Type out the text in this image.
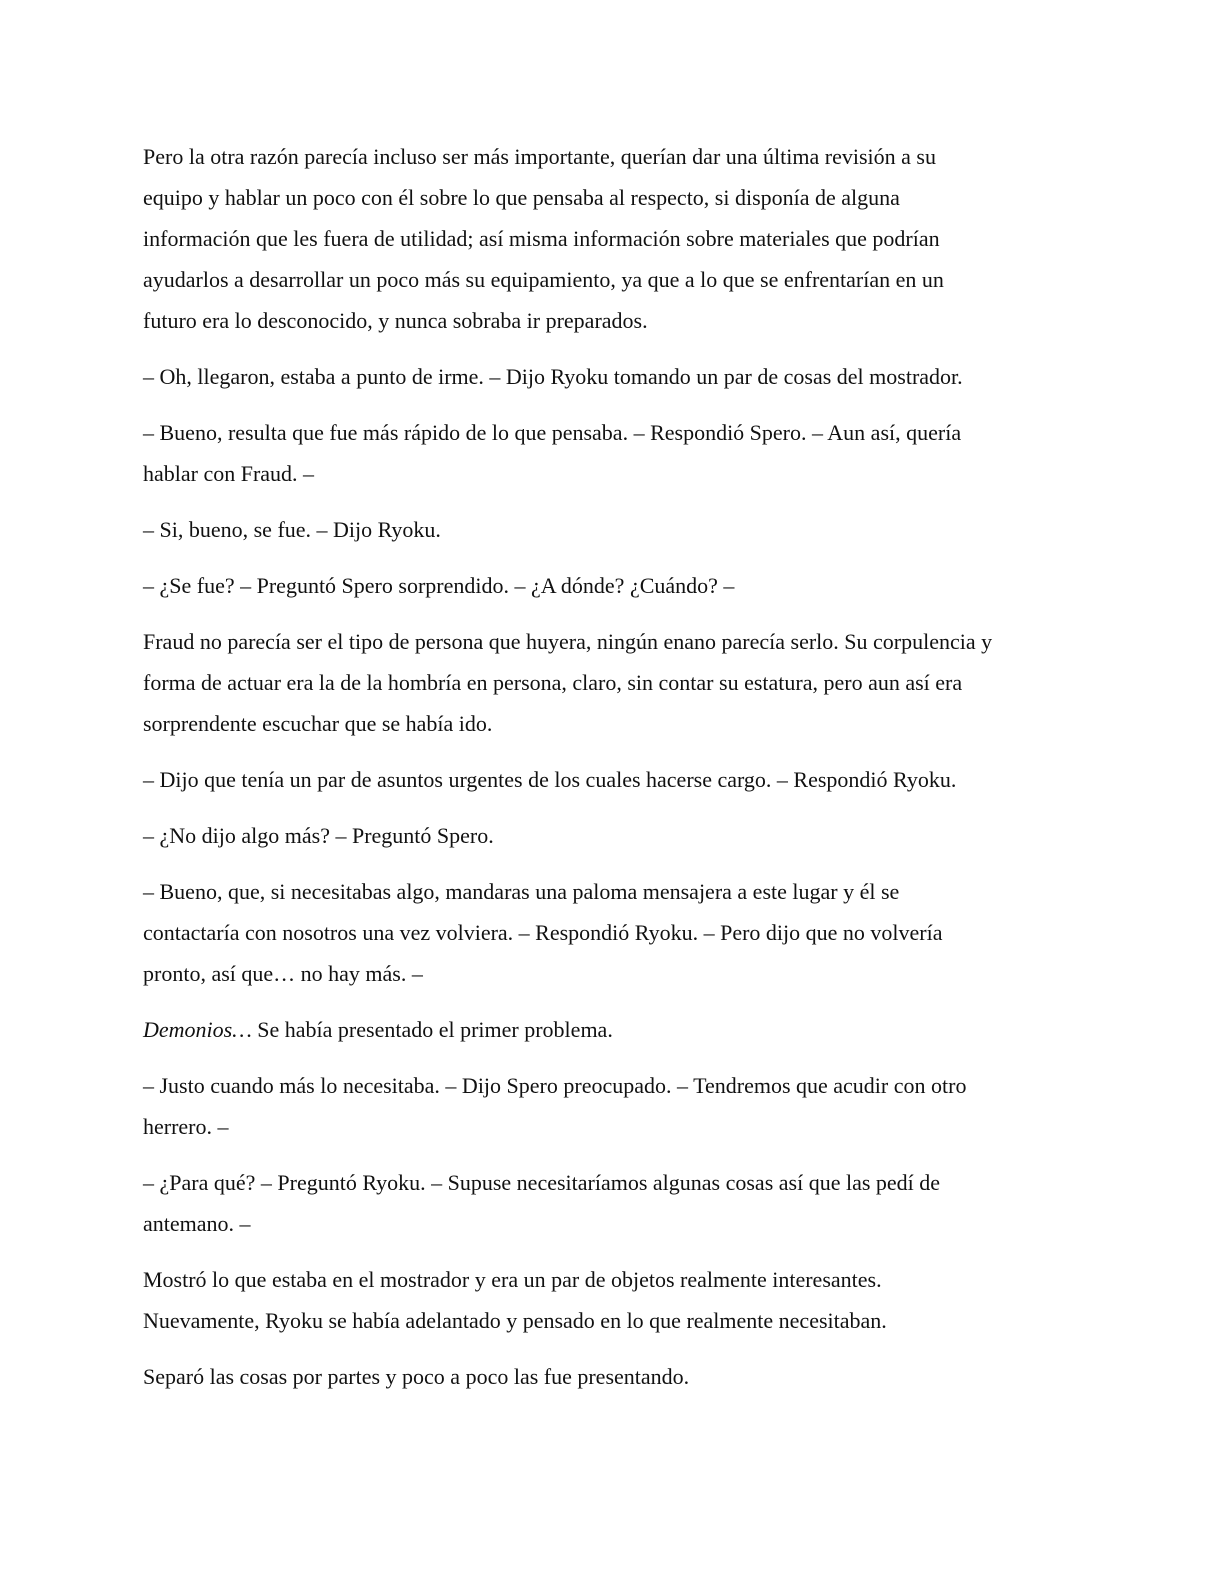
Pero la otra razón parecía incluso ser más importante, querían dar una última revisión a su
equipo y hablar un poco con él sobre lo que pensaba al respecto, si disponía de alguna
información que les fuera de utilidad; así misma información sobre materiales que podrían
ayudarlos a desarrollar un poco más su equipamiento, ya que a lo que se enfrentarían en un
futuro era lo desconocido, y nunca sobraba ir preparados.

– Oh, llegaron, estaba a punto de irme. – Dijo Ryoku tomando un par de cosas del mostrador.

– Bueno, resulta que fue más rápido de lo que pensaba. – Respondió Spero. – Aun así, quería
hablar con Fraud. –

– Si, bueno, se fue. – Dijo Ryoku.

– ¿Se fue? – Preguntó Spero sorprendido. – ¿A dónde? ¿Cuándo? –

Fraud no parecía ser el tipo de persona que huyera, ningún enano parecía serlo. Su corpulencia y
forma de actuar era la de la hombría en persona, claro, sin contar su estatura, pero aun así era
sorprendente escuchar que se había ido.

– Dijo que tenía un par de asuntos urgentes de los cuales hacerse cargo. – Respondió Ryoku.

– ¿No dijo algo más? – Preguntó Spero.

– Bueno, que, si necesitabas algo, mandaras una paloma mensajera a este lugar y él se
contactaría con nosotros una vez volviera. – Respondió Ryoku. – Pero dijo que no volvería
pronto, así que… no hay más. –

Demonios… Se había presentado el primer problema.

– Justo cuando más lo necesitaba. – Dijo Spero preocupado. – Tendremos que acudir con otro
herrero. –

– ¿Para qué? – Preguntó Ryoku. – Supuse necesitaríamos algunas cosas así que las pedí de
antemano. –

Mostró lo que estaba en el mostrador y era un par de objetos realmente interesantes.
Nuevamente, Ryoku se había adelantado y pensado en lo que realmente necesitaban.

Separó las cosas por partes y poco a poco las fue presentando.
